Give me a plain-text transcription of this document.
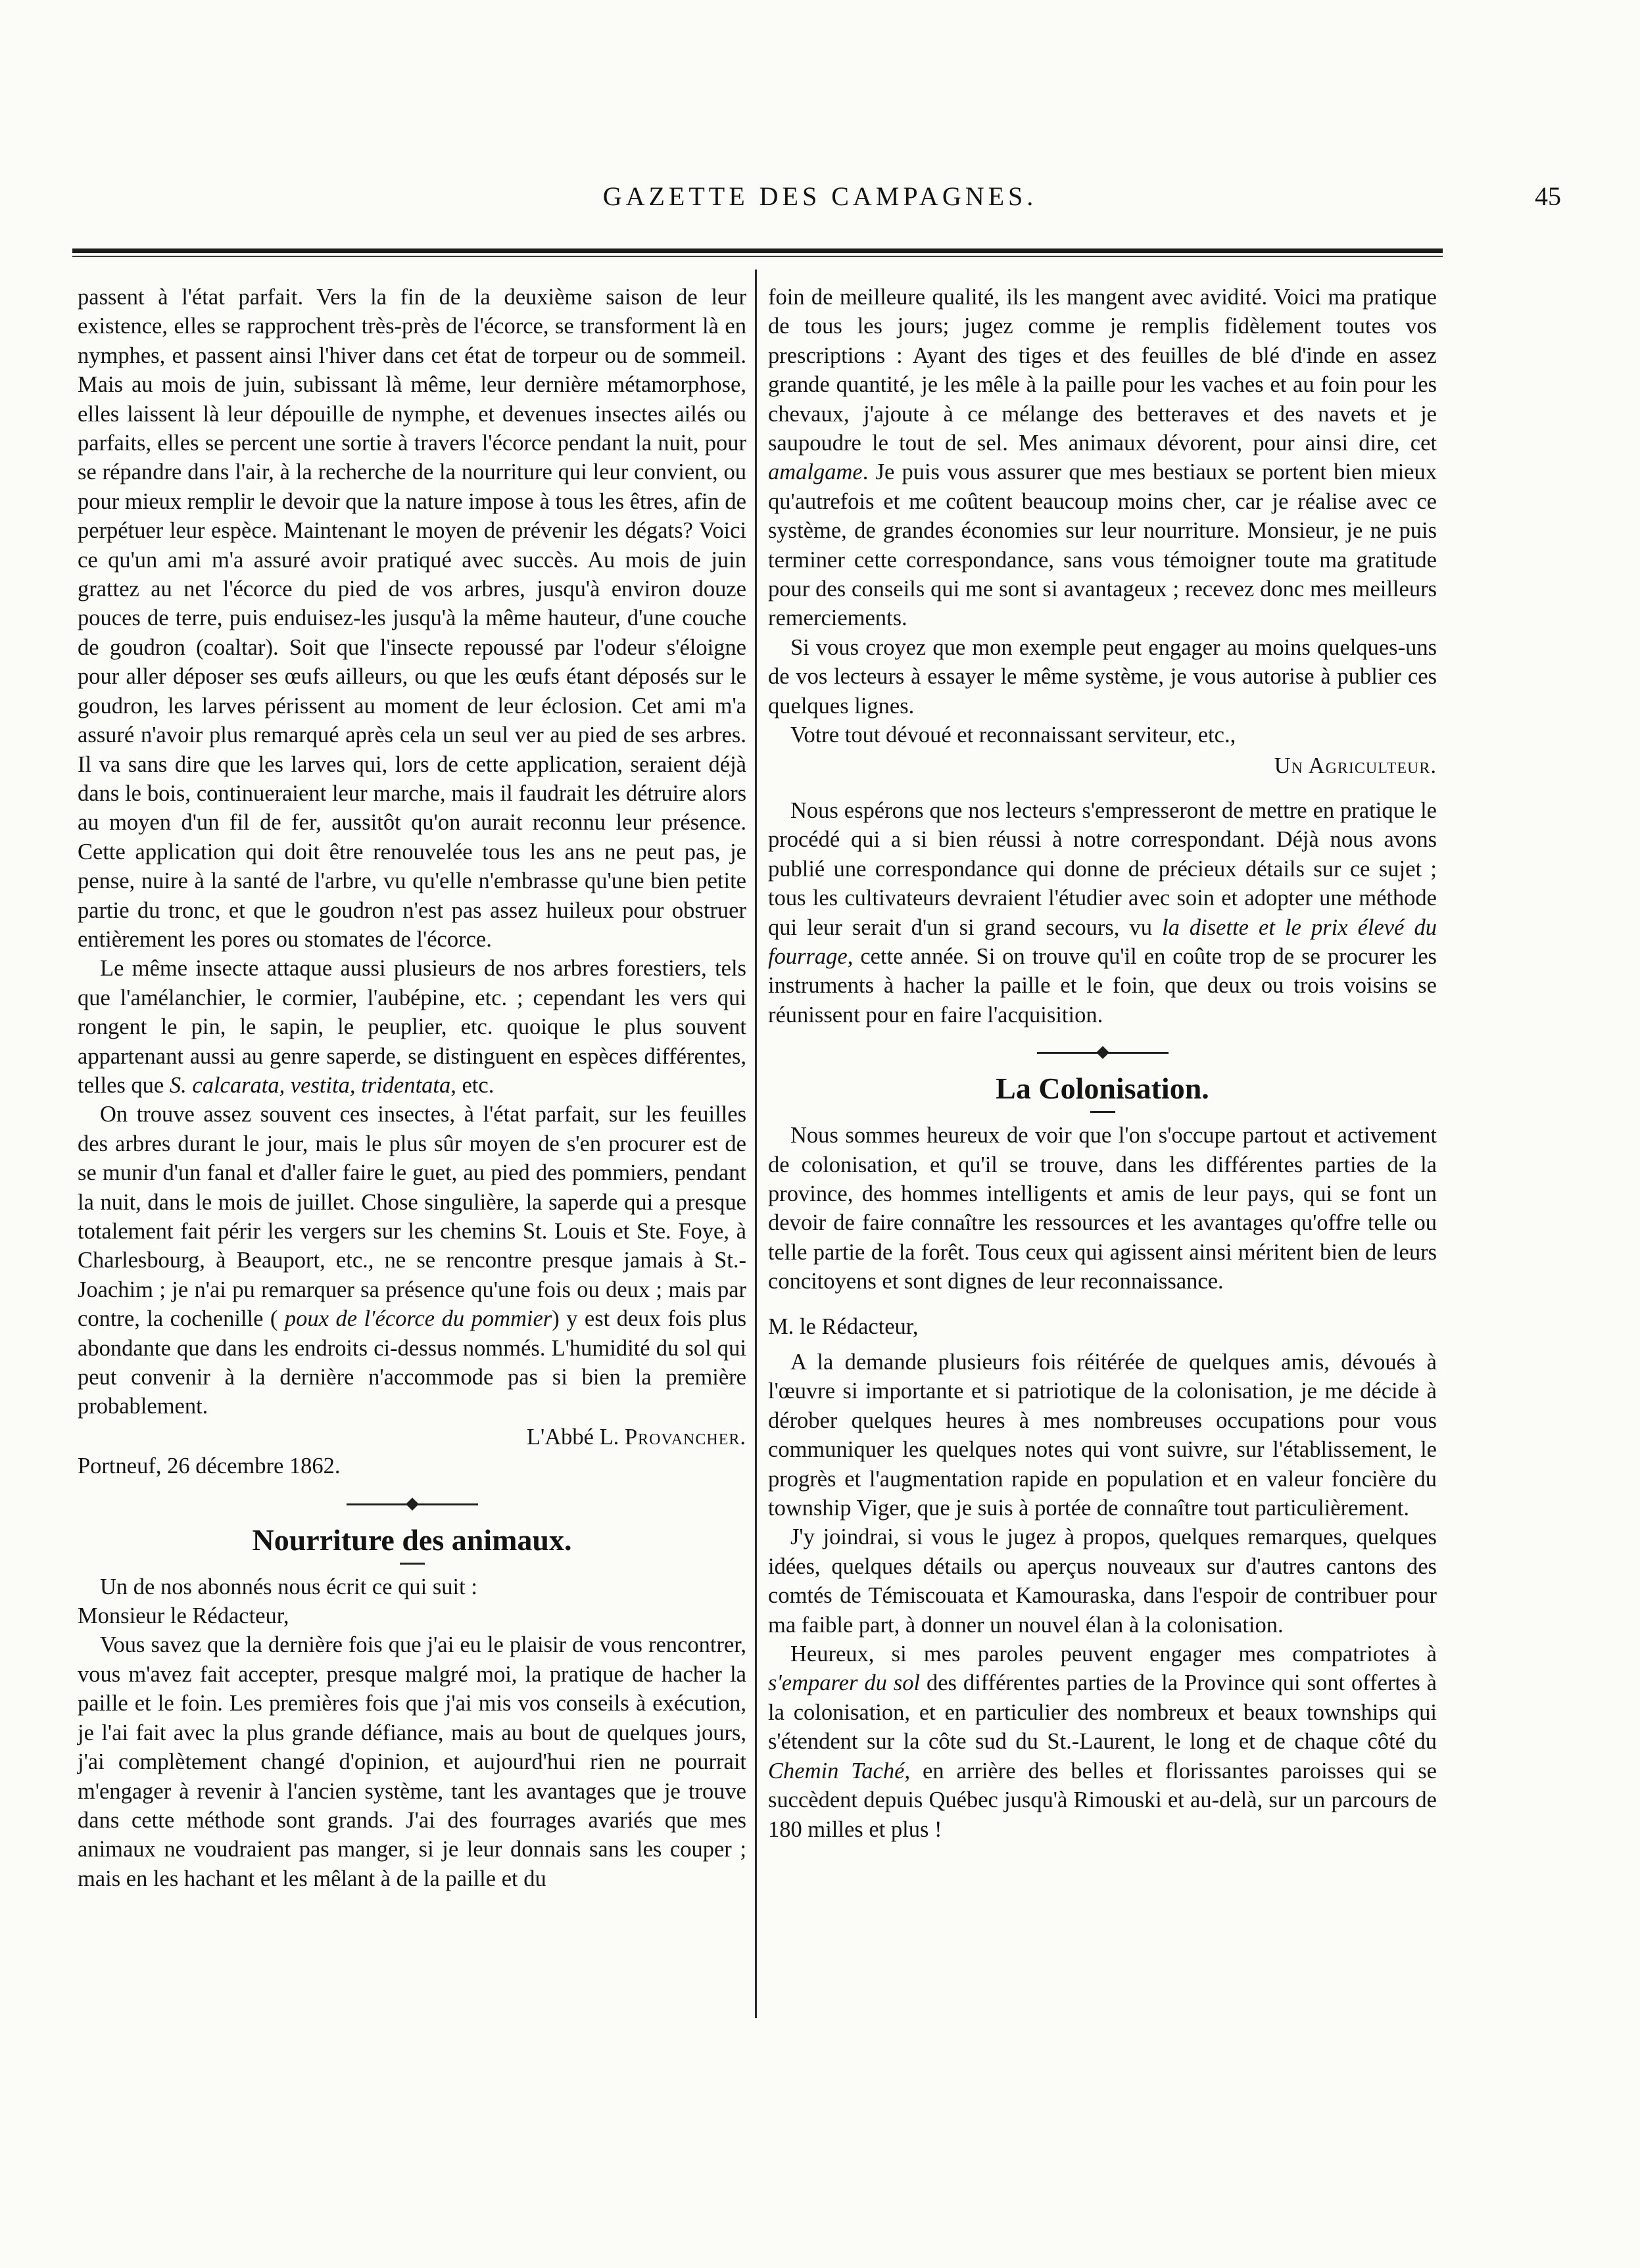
GAZETTE DES CAMPAGNES.	45

passent à l'état parfait. Vers la fin de la deuxième saison de leur existence, elles se rapprochent très-près de l'écorce, se transforment là en nymphes, et passent ainsi l'hiver dans cet état de torpeur ou de sommeil. Mais au mois de juin, subissant là même, leur dernière métamorphose, elles laissent là leur dépouille de nymphe, et devenues insectes ailés ou parfaits, elles se percent une sortie à travers l'écorce pendant la nuit, pour se répandre dans l'air, à la recherche de la nourriture qui leur convient, ou pour mieux remplir le devoir que la nature impose à tous les êtres, afin de perpétuer leur espèce. Maintenant le moyen de prévenir les dégats? Voici ce qu'un ami m'a assuré avoir pratiqué avec succès. Au mois de juin grattez au net l'écorce du pied de vos arbres, jusqu'à environ douze pouces de terre, puis enduisez-les jusqu'à la même hauteur, d'une couche de goudron (coaltar). Soit que l'insecte repoussé par l'odeur s'éloigne pour aller déposer ses œufs ailleurs, ou que les œufs étant déposés sur le goudron, les larves périssent au moment de leur éclosion. Cet ami m'a assuré n'avoir plus remarqué après cela un seul ver au pied de ses arbres. Il va sans dire que les larves qui, lors de cette application, seraient déjà dans le bois, continueraient leur marche, mais il faudrait les détruire alors au moyen d'un fil de fer, aussitôt qu'on aurait reconnu leur présence. Cette application qui doit être renouvelée tous les ans ne peut pas, je pense, nuire à la santé de l'arbre, vu qu'elle n'embrasse qu'une bien petite partie du tronc, et que le goudron n'est pas assez huileux pour obstruer entièrement les pores ou stomates de l'écorce.

Le même insecte attaque aussi plusieurs de nos arbres forestiers, tels que l'amélanchier, le cormier, l'aubépine, etc. ; cependant les vers qui rongent le pin, le sapin, le peuplier, etc. quoique le plus souvent appartenant aussi au genre saperde, se distinguent en espèces différentes, telles que S. calcarata, vestita, tridentata, etc.

On trouve assez souvent ces insectes, à l'état parfait, sur les feuilles des arbres durant le jour, mais le plus sûr moyen de s'en procurer est de se munir d'un fanal et d'aller faire le guet, au pied des pommiers, pendant la nuit, dans le mois de juillet. Chose singulière, la saperde qui a presque totalement fait périr les vergers sur les chemins St. Louis et Ste. Foye, à Charlesbourg, à Beauport, etc., ne se rencontre presque jamais à St.-Joachim ; je n'ai pu remarquer sa présence qu'une fois ou deux ; mais par contre, la cochenille ( poux de l'écorce du pommier) y est deux fois plus abondante que dans les endroits ci-dessus nommés. L'humidité du sol qui peut convenir à la dernière n'accommode pas si bien la première probablement.

L'Abbé L. Provancher.

Portneuf, 26 décembre 1862.

Nourriture des animaux.

Un de nos abonnés nous écrit ce qui suit :

Monsieur le Rédacteur,

Vous savez que la dernière fois que j'ai eu le plaisir de vous rencontrer, vous m'avez fait accepter, presque malgré moi, la pratique de hacher la paille et le foin. Les premières fois que j'ai mis vos conseils à exécution, je l'ai fait avec la plus grande défiance, mais au bout de quelques jours, j'ai complètement changé d'opinion, et aujourd'hui rien ne pourrait m'engager à revenir à l'ancien système, tant les avantages que je trouve dans cette méthode sont grands. J'ai des fourrages avariés que mes animaux ne voudraient pas manger, si je leur donnais sans les couper ; mais en les hachant et les mêlant à de la paille et du

foin de meilleure qualité, ils les mangent avec avidité. Voici ma pratique de tous les jours; jugez comme je remplis fidèlement toutes vos prescriptions : Ayant des tiges et des feuilles de blé d'inde en assez grande quantité, je les mêle à la paille pour les vaches et au foin pour les chevaux, j'ajoute à ce mélange des betteraves et des navets et je saupoudre le tout de sel. Mes animaux dévorent, pour ainsi dire, cet amalgame. Je puis vous assurer que mes bestiaux se portent bien mieux qu'autrefois et me coûtent beaucoup moins cher, car je réalise avec ce système, de grandes économies sur leur nourriture. Monsieur, je ne puis terminer cette correspondance, sans vous témoigner toute ma gratitude pour des conseils qui me sont si avantageux ; recevez donc mes meilleurs remerciements.

Si vous croyez que mon exemple peut engager au moins quelques-uns de vos lecteurs à essayer le même système, je vous autorise à publier ces quelques lignes.

Votre tout dévoué et reconnaissant serviteur, etc.,

Un Agriculteur.

Nous espérons que nos lecteurs s'empresseront de mettre en pratique le procédé qui a si bien réussi à notre correspondant. Déjà nous avons publié une correspondance qui donne de précieux détails sur ce sujet ; tous les cultivateurs devraient l'étudier avec soin et adopter une méthode qui leur serait d'un si grand secours, vu la disette et le prix élevé du fourrage, cette année. Si on trouve qu'il en coûte trop de se procurer les instruments à hacher la paille et le foin, que deux ou trois voisins se réunissent pour en faire l'acquisition.

La Colonisation.

Nous sommes heureux de voir que l'on s'occupe partout et activement de colonisation, et qu'il se trouve, dans les différentes parties de la province, des hommes intelligents et amis de leur pays, qui se font un devoir de faire connaître les ressources et les avantages qu'offre telle ou telle partie de la forêt. Tous ceux qui agissent ainsi méritent bien de leurs concitoyens et sont dignes de leur reconnaissance.

M. le Rédacteur,

A la demande plusieurs fois réitérée de quelques amis, dévoués à l'œuvre si importante et si patriotique de la colonisation, je me décide à dérober quelques heures à mes nombreuses occupations pour vous communiquer les quelques notes qui vont suivre, sur l'établissement, le progrès et l'augmentation rapide en population et en valeur foncière du township Viger, que je suis à portée de connaître tout particulièrement.

J'y joindrai, si vous le jugez à propos, quelques remarques, quelques idées, quelques détails ou aperçus nouveaux sur d'autres cantons des comtés de Témiscouata et Kamouraska, dans l'espoir de contribuer pour ma faible part, à donner un nouvel élan à la colonisation.

Heureux, si mes paroles peuvent engager mes compatriotes à s'emparer du sol des différentes parties de la Province qui sont offertes à la colonisation, et en particulier des nombreux et beaux townships qui s'étendent sur la côte sud du St.-Laurent, le long et de chaque côté du Chemin Taché, en arrière des belles et florissantes paroisses qui se succèdent depuis Québec jusqu'à Rimouski et au-delà, sur un parcours de 180 milles et plus !
